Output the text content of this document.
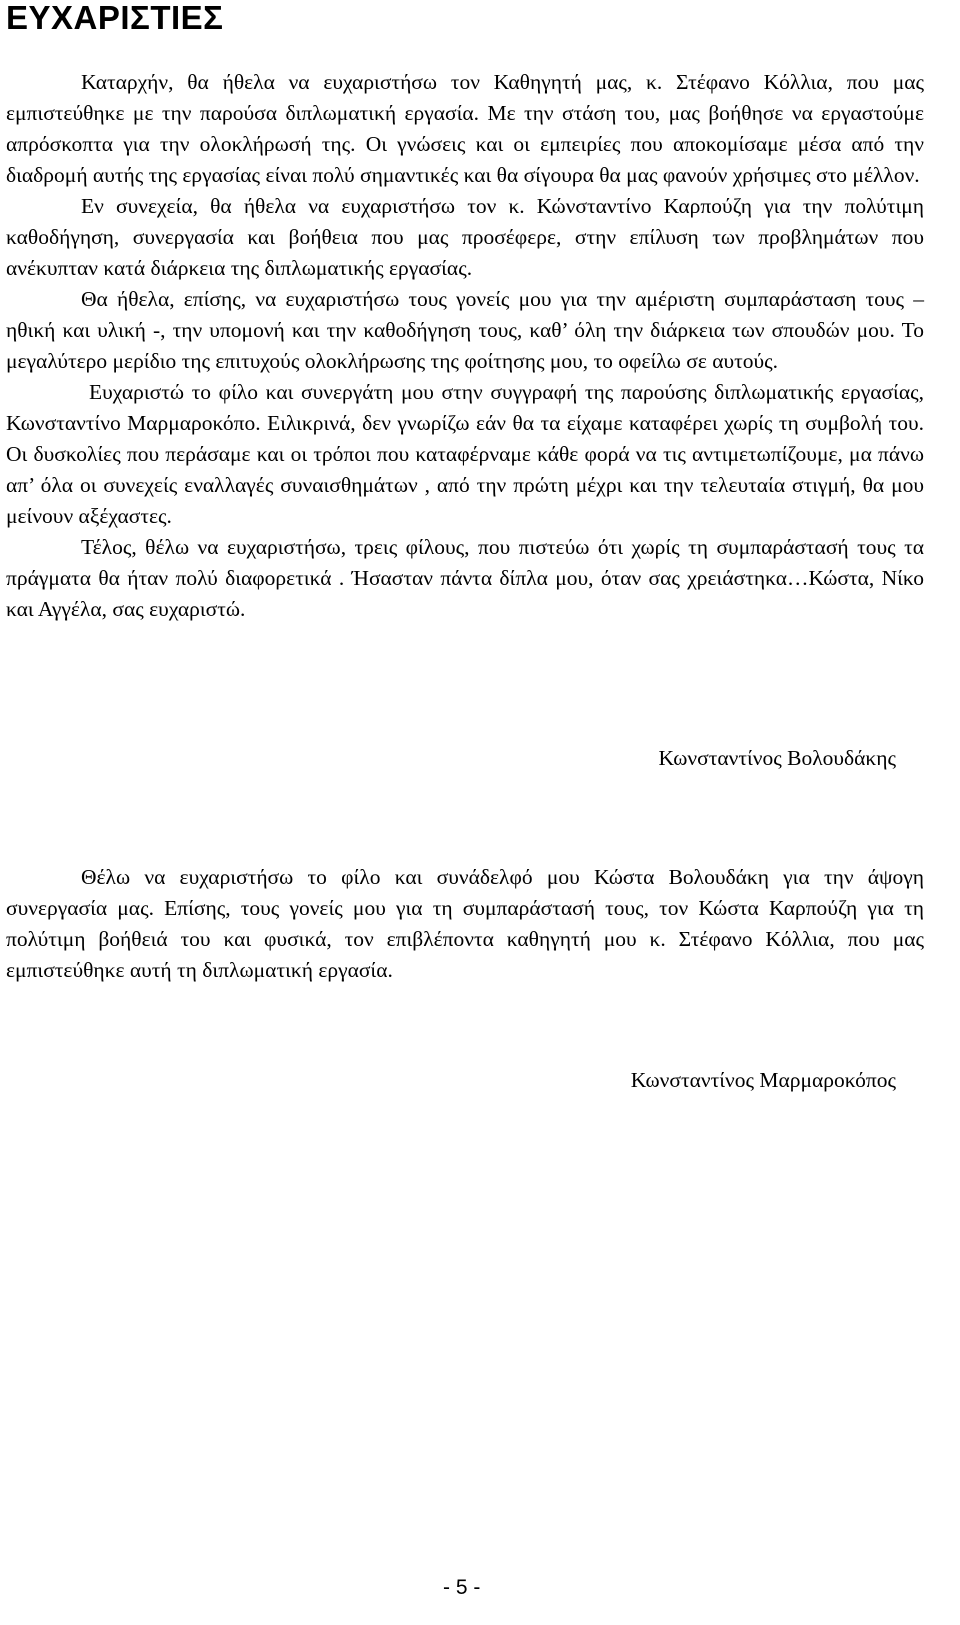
ΕΥΧΑΡΙΣΤΙΕΣ

Καταρχήν, θα ήθελα να ευχαριστήσω τον Καθηγητή μας, κ. Στέφανο Κόλλια, που μας εμπιστεύθηκε με την παρούσα διπλωματική εργασία. Με την στάση του, μας βοήθησε να εργαστούμε απρόσκοπτα για την ολοκλήρωσή της. Οι γνώσεις και οι εμπειρίες που αποκομίσαμε μέσα από την διαδρομή αυτής της εργασίας είναι πολύ σημαντικές και θα σίγουρα θα μας φανούν χρήσιμες στο μέλλον.

Εν συνεχεία, θα ήθελα να ευχαριστήσω τον κ. Κώνσταντίνο Καρπούζη για την πολύτιμη καθοδήγηση, συνεργασία και βοήθεια που μας προσέφερε, στην επίλυση των προβλημάτων που ανέκυπταν κατά διάρκεια της διπλωματικής εργασίας.

Θα ήθελα, επίσης, να ευχαριστήσω τους γονείς μου για την αμέριστη συμπαράσταση τους –ηθική και υλική -, την υπομονή και την καθοδήγηση τους, καθ’ όλη την διάρκεια των σπουδών μου. Το μεγαλύτερο μερίδιο της επιτυχούς ολοκλήρωσης της φοίτησης μου, το οφείλω σε αυτούς.

Ευχαριστώ το φίλο και συνεργάτη μου στην συγγραφή της παρούσης διπλωματικής εργασίας, Κωνσταντίνο Μαρμαροκόπο. Ειλικρινά, δεν γνωρίζω εάν θα τα είχαμε καταφέρει χωρίς τη συμβολή του. Οι δυσκολίες που περάσαμε και οι τρόποι που καταφέρναμε κάθε φορά να τις αντιμετωπίζουμε, μα πάνω απ’ όλα οι συνεχείς εναλλαγές συναισθημάτων , από την πρώτη μέχρι και την τελευταία στιγμή, θα μου μείνουν αξέχαστες.

Τέλος, θέλω να ευχαριστήσω, τρεις φίλους, που πιστεύω ότι χωρίς τη συμπαράστασή τους τα πράγματα θα ήταν πολύ διαφορετικά . Ήσασταν πάντα δίπλα μου, όταν σας χρειάστηκα…Κώστα, Νίκο και Αγγέλα, σας ευχαριστώ.

Κωνσταντίνος Βολουδάκης

Θέλω να ευχαριστήσω το φίλο και συνάδελφό μου Κώστα Βολουδάκη για την άψογη συνεργασία μας. Επίσης, τους γονείς μου για τη συμπαράστασή τους, τον Κώστα Καρπούζη για τη πολύτιμη βοήθειά του και φυσικά, τον επιβλέποντα καθηγητή μου κ. Στέφανο Κόλλια, που μας εμπιστεύθηκε αυτή τη διπλωματική εργασία.

Κωνσταντίνος Μαρμαροκόπος
- 5 -
